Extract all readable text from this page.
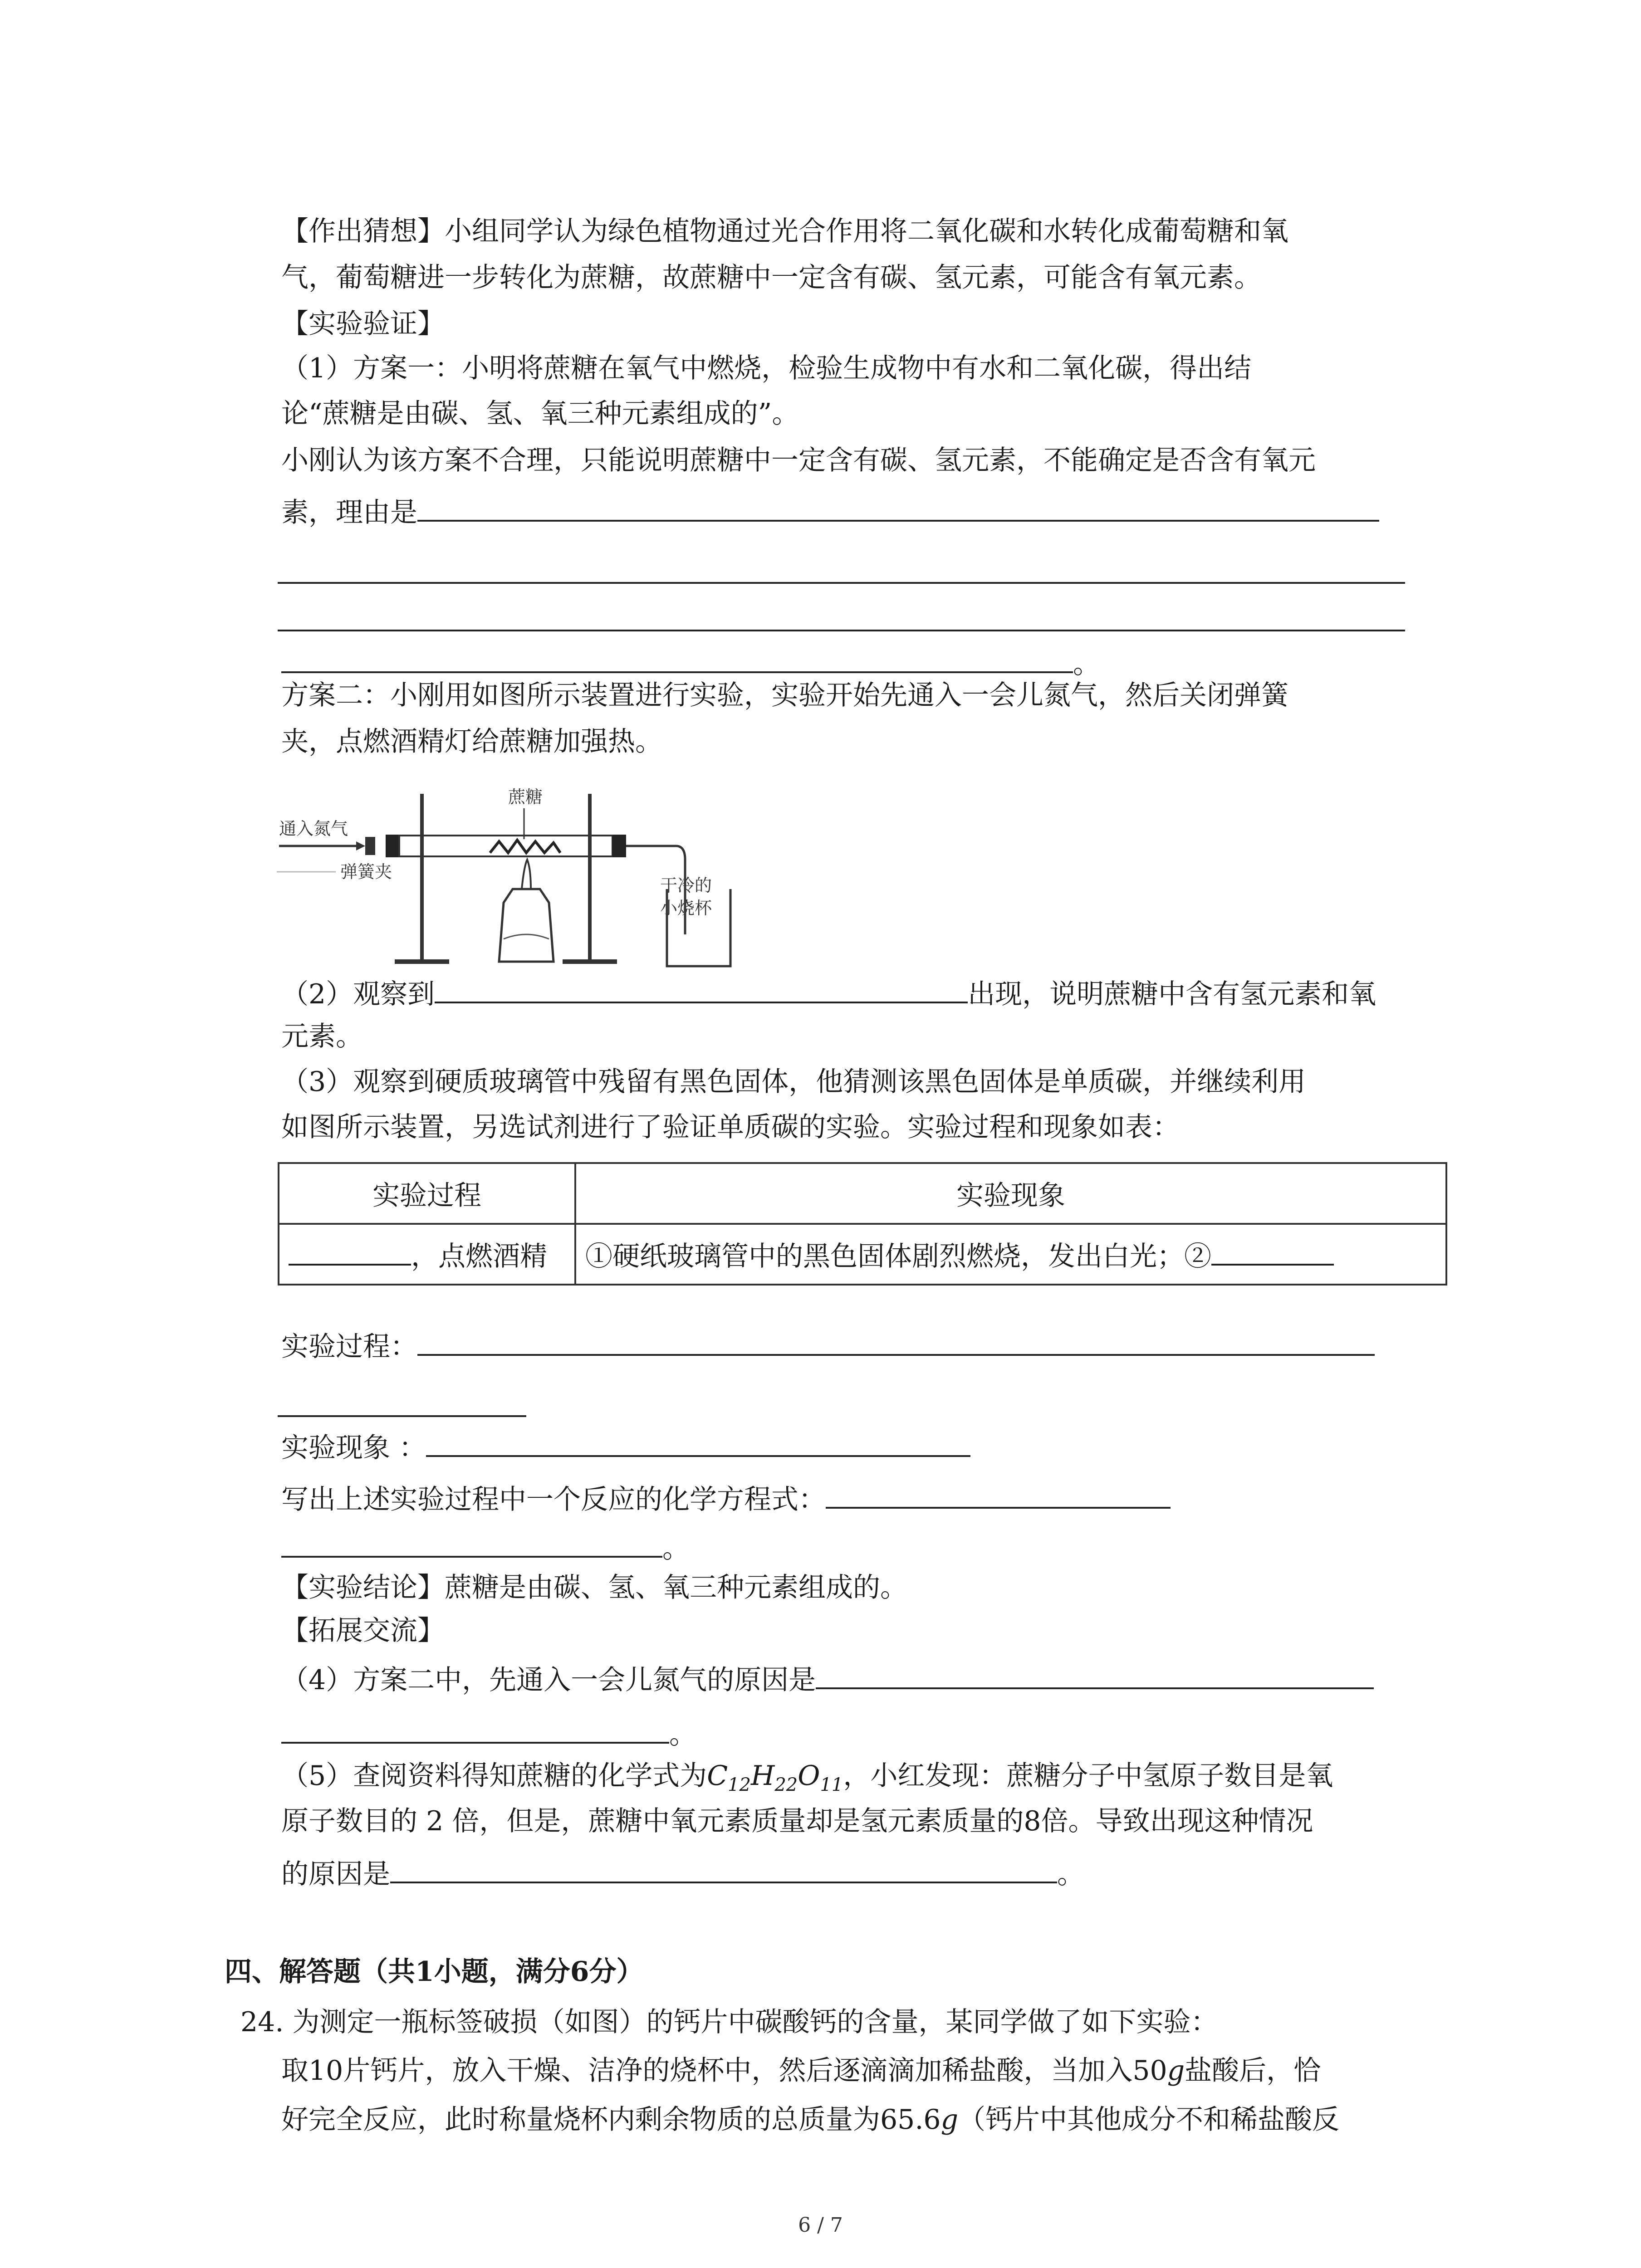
【作出猜想】小组同学认为绿色植物通过光合作用将二氧化碳和水转化成葡萄糖和氧
气，葡萄糖进一步转化为蔗糖，故蔗糖中一定含有碳、氢元素，可能含有氧元素。
【实验验证】
（1）方案一：小明将蔗糖在氧气中燃烧，检验生成物中有水和二氧化碳，得出结
论“蔗糖是由碳、氢、氧三种元素组成的”。
小刚认为该方案不合理，只能说明蔗糖中一定含有碳、氢元素，不能确定是否含有氧元
素，理由是
。
方案二：小刚用如图所示装置进行实验，实验开始先通入一会儿氮气，然后关闭弹簧
夹，点燃酒精灯给蔗糖加强热。
通入氮气
弹簧夹
蔗糖
干冷的
小烧杯
（2）观察到	出现，说明蔗糖中含有氢元素和氧
元素。
（3）观察到硬质玻璃管中残留有黑色固体，他猜测该黑色固体是单质碳，并继续利用
如图所示装置，另选试剂进行了验证单质碳的实验。实验过程和现象如表：
实验过程	实验现象
，点燃酒精	①硬纸玻璃管中的黑色固体剧烈燃烧，发出白光；②
实验过程：
实验现象 ：
写出上述实验过程中一个反应的化学方程式：
。
【实验结论】蔗糖是由碳、氢、氧三种元素组成的。
【拓展交流】
（4）方案二中，先通入一会儿氮气的原因是
。
（5）查阅资料得知蔗糖的化学式为$C_{12}H_{22}O_{11}$，小红发现：蔗糖分子中氢原子数目是氧
原子数目的 2 倍，但是，蔗糖中氧元素质量却是氢元素质量的8倍。导致出现这种情况
的原因是	。
四、解答题（共1小题，满分6分）
24. 为测定一瓶标签破损（如图）的钙片中碳酸钙的含量，某同学做了如下实验：
取10片钙片，放入干燥、洁净的烧杯中，然后逐滴滴加稀盐酸，当加入50g盐酸后，恰
好完全反应，此时称量烧杯内剩余物质的总质量为65.6g（钙片中其他成分不和稀盐酸反
6 / 7
